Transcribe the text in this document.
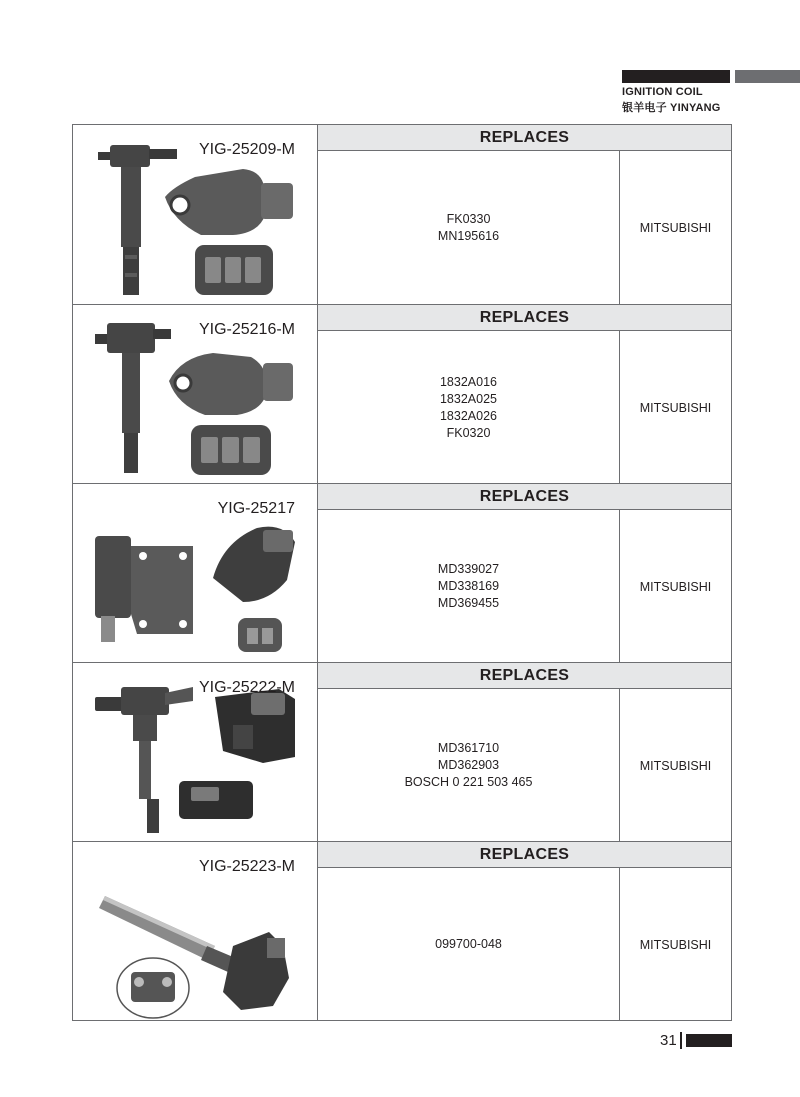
IGNITION COIL
银羊电子 YINYANG
YIG-25209-M
REPLACES
FK0330
MN195616
MITSUBISHI
YIG-25216-M
REPLACES
1832A016
1832A025
1832A026
FK0320
MITSUBISHI
YIG-25217
REPLACES
MD339027
MD338169
MD369455
MITSUBISHI
YIG-25222-M
REPLACES
MD361710
MD362903
BOSCH 0 221 503 465
MITSUBISHI
YIG-25223-M
REPLACES
099700-048	MITSUBISHI
31
